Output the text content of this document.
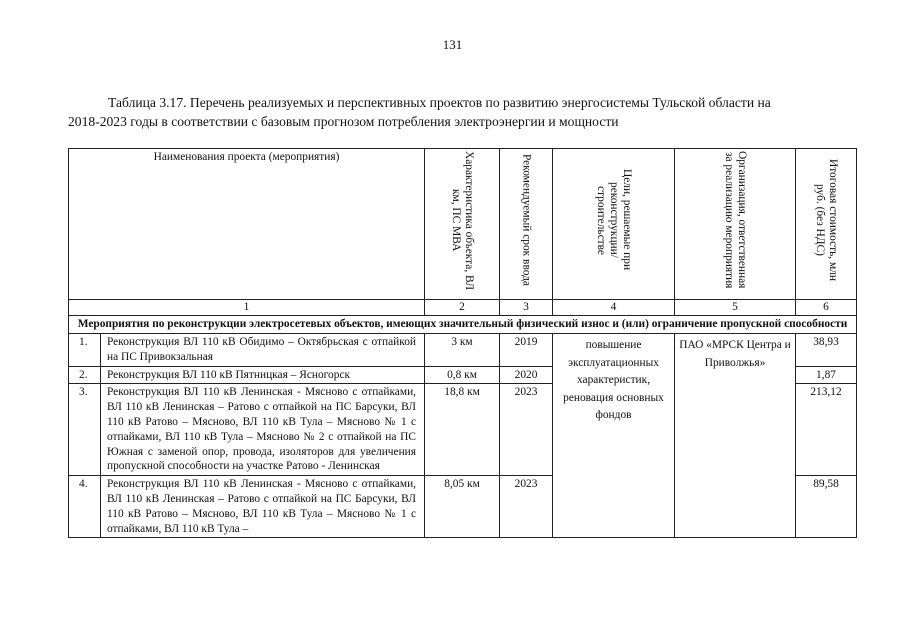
131
Таблица 3.17. Перечень реализуемых и перспективных проектов по развитию энергосистемы Тульской области на
2018-2023 годы в соответствии с базовым прогнозом потребления электроэнергии и мощности
Наименования проекта (мероприятия)		Характеристика объекта, ВЛ км, ПС МВА	Рекомендуемый срок ввода	Цели, решаемые при реконструкции/ строительстве	Организация, ответственная за реализацию мероприятия	Итоговая стоимость, млн руб. (без НДС)

1		2	3	4	5	6
Мероприятия по реконструкции электросетевых объектов, имеющих значительный физический износ и (или) ограничение пропускной способности						
1.	Реконструкция ВЛ 110 кВ Обидимо – Октябрьская с отпайкой на ПС Привокзальная	3 км	2019	повышение эксплуатационных характеристик, реновация основных фондов	ПАО «МРСК Центра и Приволжья»	38,93
2.	Реконструкция ВЛ 110 кВ Пятницкая – Ясногорск	0,8 км	2020			1,87
3.	Реконструкция ВЛ 110 кВ Ленинская - Мясново с отпайками, ВЛ 110 кВ Ленинская – Ратово с отпайкой на ПС Барсуки, ВЛ 110 кВ Ратово – Мясново, ВЛ 110 кВ Тула – Мясново № 1 с отпайками, ВЛ 110 кВ Тула – Мясново № 2 с отпайкой на ПС Южная с заменой опор, провода, изоляторов для увеличения пропускной способности на участке Ратово - Ленинская	18,8 км	2023			213,12
4.	Реконструкция ВЛ 110 кВ Ленинская - Мясново с отпайками, ВЛ 110 кВ Ленинская – Ратово с отпайкой на ПС Барсуки, ВЛ 110 кВ Ратово – Мясново, ВЛ 110 кВ Тула – Мясново № 1 с отпайками, ВЛ 110 кВ Тула –	8,05 км	2023			89,58
